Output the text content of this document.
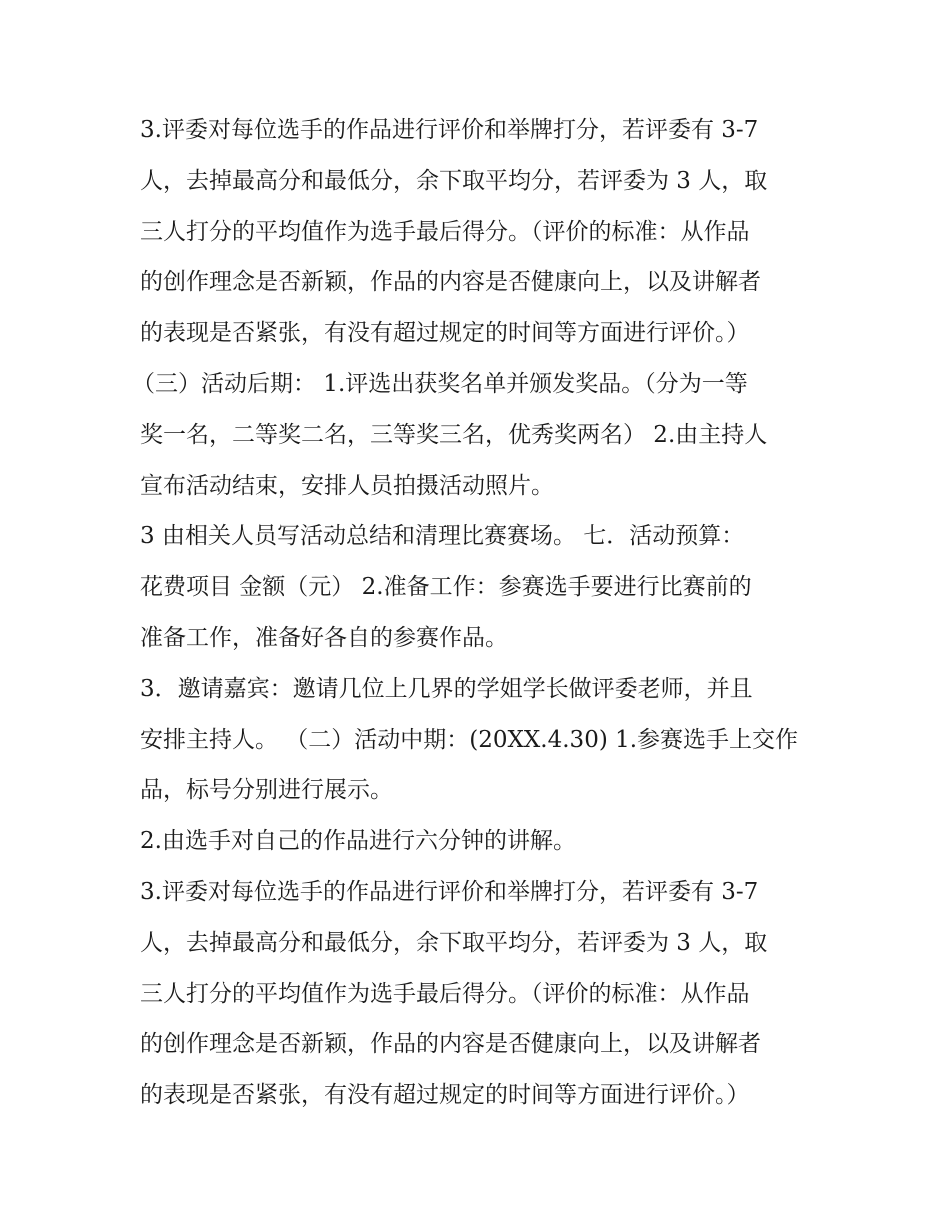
3.评委对每位选手的作品进行评价和举牌打分，若评委有 3-7
人，去掉最高分和最低分，余下取平均分，若评委为 3 人，取
三人打分的平均值作为选手最后得分。（评价的标准：从作品
的创作理念是否新颖，作品的内容是否健康向上，以及讲解者
的表现是否紧张，有没有超过规定的时间等方面进行评价。）
（三）活动后期： 1.评选出获奖名单并颁发奖品。（分为一等
奖一名，二等奖二名，三等奖三名，优秀奖两名） 2.由主持人
宣布活动结束，安排人员拍摄活动照片。
3 由相关人员写活动总结和清理比赛赛场。 七．活动预算：
花费项目 金额（元） 2.准备工作：参赛选手要进行比赛前的
准备工作，准备好各自的参赛作品。
3．邀请嘉宾：邀请几位上几界的学姐学长做评委老师，并且
安排主持人。 （二）活动中期：(20XX.4.30) 1.参赛选手上交作
品，标号分别进行展示。
2.由选手对自己的作品进行六分钟的讲解。
3.评委对每位选手的作品进行评价和举牌打分，若评委有 3-7
人，去掉最高分和最低分，余下取平均分，若评委为 3 人，取
三人打分的平均值作为选手最后得分。（评价的标准：从作品
的创作理念是否新颖，作品的内容是否健康向上，以及讲解者
的表现是否紧张，有没有超过规定的时间等方面进行评价。）
